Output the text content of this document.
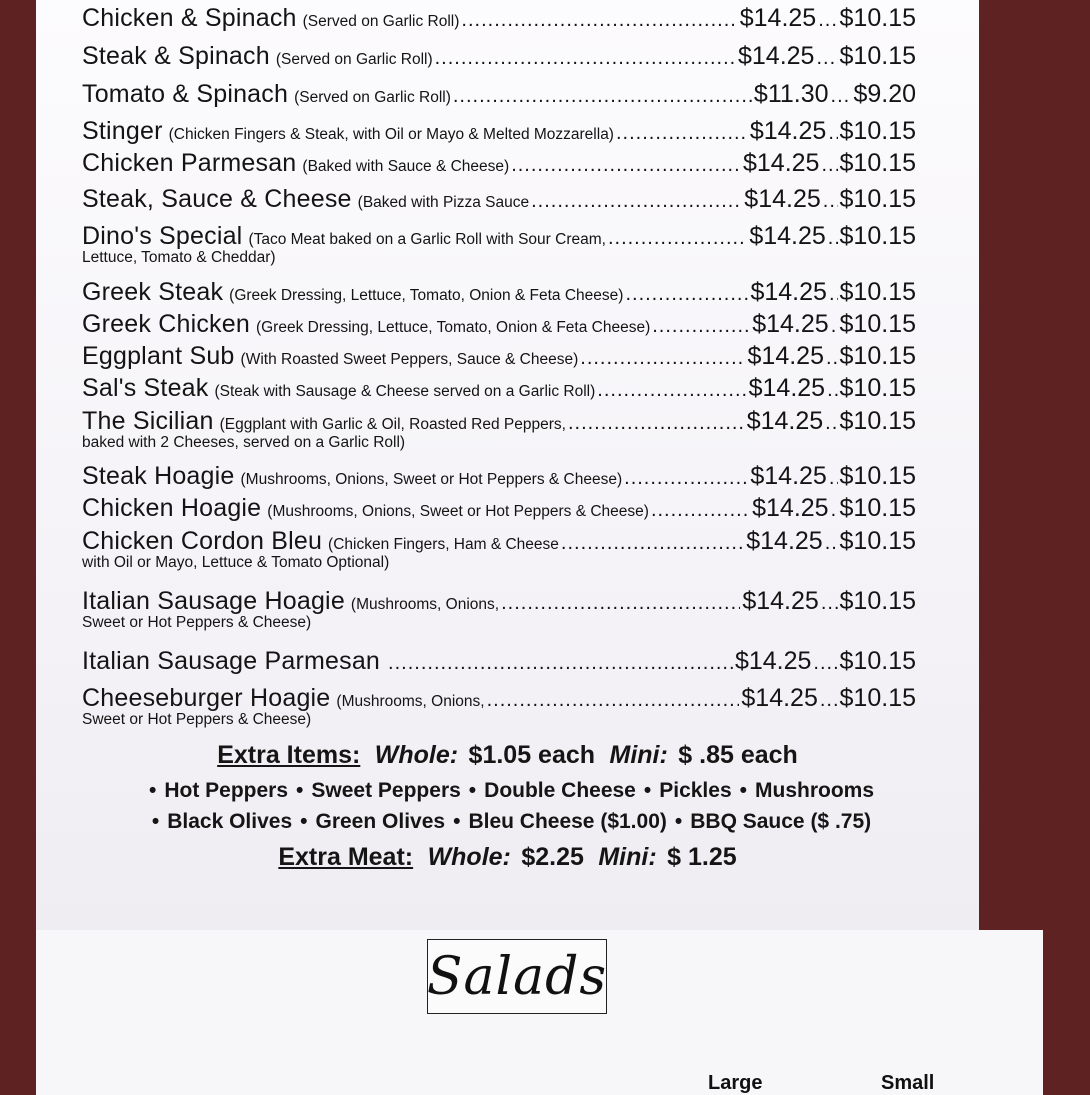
Chicken & Spinach (Served on Garlic Roll) .....	$14.25 ..... $10.15
Steak & Spinach (Served on Garlic Roll) .....	$14.25 ..... $10.15
Tomato & Spinach (Served on Garlic Roll) .....	$11.30 ..... $9.20
Stinger (Chicken Fingers & Steak, with Oil or Mayo & Melted Mozzarella) .....	$14.25 ..... $10.15
Chicken Parmesan (Baked with Sauce & Cheese) .....	$14.25 ..... $10.15
Steak, Sauce & Cheese (Baked with Pizza Sauce .....	$14.25 ..... $10.15
Dino's Special (Taco Meat baked on a Garlic Roll with Sour Cream, .....	$14.25 ..... $10.15
Lettuce, Tomato & Cheddar)
Greek Steak (Greek Dressing, Lettuce, Tomato, Onion & Feta Cheese) .....	$14.25 ..... $10.15
Greek Chicken (Greek Dressing, Lettuce, Tomato, Onion & Feta Cheese) .....	$14.25 ..... $10.15
Eggplant Sub (With Roasted Sweet Peppers, Sauce & Cheese) .....	$14.25 ..... $10.15
Sal's Steak (Steak with Sausage & Cheese served on a Garlic Roll) .....	$14.25 ..... $10.15
The Sicilian (Eggplant with Garlic & Oil, Roasted Red Peppers, .....	$14.25 ..... $10.15
baked with 2 Cheeses, served on a Garlic Roll)
Steak Hoagie (Mushrooms, Onions, Sweet or Hot Peppers & Cheese) .....	$14.25 ..... $10.15
Chicken Hoagie (Mushrooms, Onions, Sweet or Hot Peppers & Cheese) .....	$14.25 ..... $10.15
Chicken Cordon Bleu (Chicken Fingers, Ham & Cheese .....	$14.25 ..... $10.15
with Oil or Mayo, Lettuce & Tomato Optional)
Italian Sausage Hoagie (Mushrooms, Onions, .....	$14.25 ..... $10.15
Sweet or Hot Peppers & Cheese)
Italian Sausage Parmesan .....	$14.25 ..... $10.15
Cheeseburger Hoagie (Mushrooms, Onions, .....	$14.25 ..... $10.15
Sweet or Hot Peppers & Cheese)
Extra Items: Whole: $1.05 each Mini: $ .85 each
• Hot Peppers • Sweet Peppers • Double Cheese • Pickles • Mushrooms
• Black Olives • Green Olives • Bleu Cheese ($1.00) • BBQ Sauce ($ .75)
Extra Meat: Whole: $2.25 Mini: $ 1.25
Salads
Large	Small
